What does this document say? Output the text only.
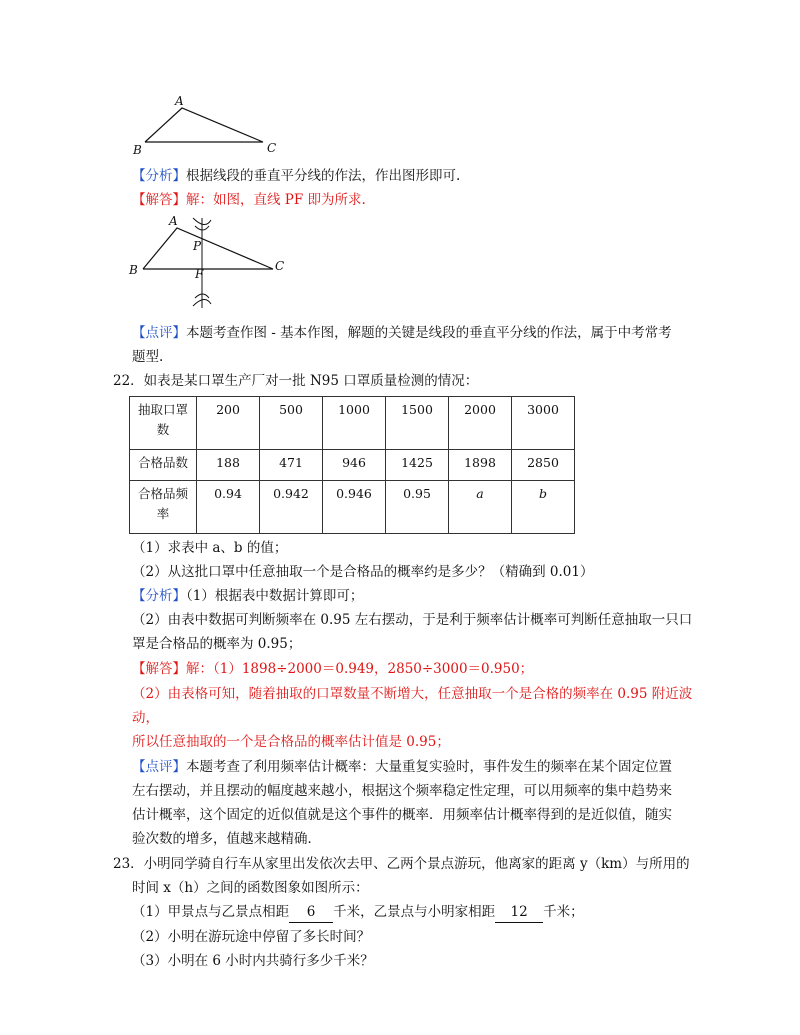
A
B	C
【分析】根据线段的垂直平分线的作法，作出图形即可.
【解答】解：如图，直线 PF 即为所求.
A
B	C
P
F
【点评】本题考查作图 - 基本作图，解题的关键是线段的垂直平分线的作法，属于中考常考
题型.
22．如表是某口罩生产厂对一批 N95 口罩质量检测的情况：
抽取口罩
数	200	500	1000	1500	2000	3000
合格品数	188	471	946	1425	1898	2850

合格品频
率	0.94	0.942	0.946	0.95	a	b
（1）求表中 a、b 的值；
（2）从这批口罩中任意抽取一个是合格品的概率约是多少？（精确到 0.01）
【分析】（1）根据表中数据计算即可；
（2）由表中数据可判断频率在 0.95 左右摆动，于是利于频率估计概率可判断任意抽取一只口
罩是合格品的概率为 0.95；
【解答】解：（1）1898÷2000＝0.949，2850÷3000＝0.950；
（2）由表格可知，随着抽取的口罩数量不断增大，任意抽取一个是合格的频率在 0.95 附近波
动，
所以任意抽取的一个是合格品的概率估计值是 0.95；
【点评】本题考查了利用频率估计概率：大量重复实验时，事件发生的频率在某个固定位置
左右摆动，并且摆动的幅度越来越小，根据这个频率稳定性定理，可以用频率的集中趋势来
估计概率，这个固定的近似值就是这个事件的概率．用频率估计概率得到的是近似值，随实
验次数的增多，值越来越精确．
23．小明同学骑自行车从家里出发依次去甲、乙两个景点游玩，他离家的距离 y（km）与所用的
时间 x（h）之间的函数图象如图所示：
（1）甲景点与乙景点相距 6 千米，乙景点与小明家相距 12 千米；
（2）小明在游玩途中停留了多长时间？
（3）小明在 6 小时内共骑行多少千米？
